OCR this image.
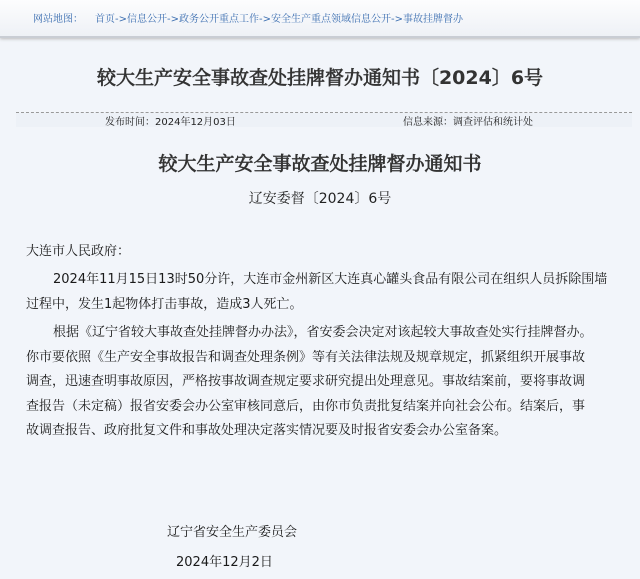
网站地图： 首页->信息公开->政务公开重点工作->安全生产重点领域信息公开->事故挂牌督办
较大生产安全事故查处挂牌督办通知书〔2024〕6号
发布时间：2024年12月03日	信息来源：调查评估和统计处
较大生产安全事故查处挂牌督办通知书
辽安委督〔2024〕6号
大连市人民政府：
2024年11月15日13时50分许，大连市金州新区大连真心罐头食品有限公司在组织人员拆除围墙
过程中，发生1起物体打击事故，造成3人死亡。
根据《辽宁省较大事故查处挂牌督办办法》，省安委会决定对该起较大事故查处实行挂牌督办。
你市要依照《生产安全事故报告和调查处理条例》等有关法律法规及规章规定，抓紧组织开展事故
调查，迅速查明事故原因，严格按事故调查规定要求研究提出处理意见。事故结案前，要将事故调
查报告（未定稿）报省安委会办公室审核同意后，由你市负责批复结案并向社会公布。结案后，事
故调查报告、政府批复文件和事故处理决定落实情况要及时报省安委会办公室备案。
辽宁省安全生产委员会
2024年12月2日
